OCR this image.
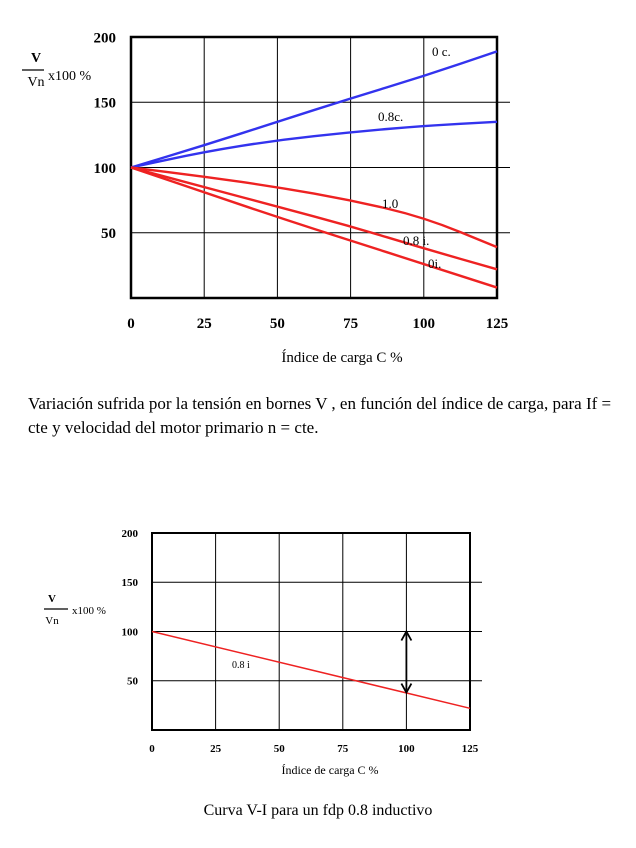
0	25	50	75	100	125
50
100
150
200
Índice de carga C %
V
Vn x100 %
0 c.
0.8c.
1.0
0.8 i.
0i.
0	25	50	75	100	125
50
100
150
200
Índice de carga C %
V
Vn
x100 %
0.8 i

Variación sufrida por la tensión en bornes V , en función del índice de carga, para If = cte y velocidad del motor primario n = cte.

Curva V-I para un fdp 0.8 inductivo
